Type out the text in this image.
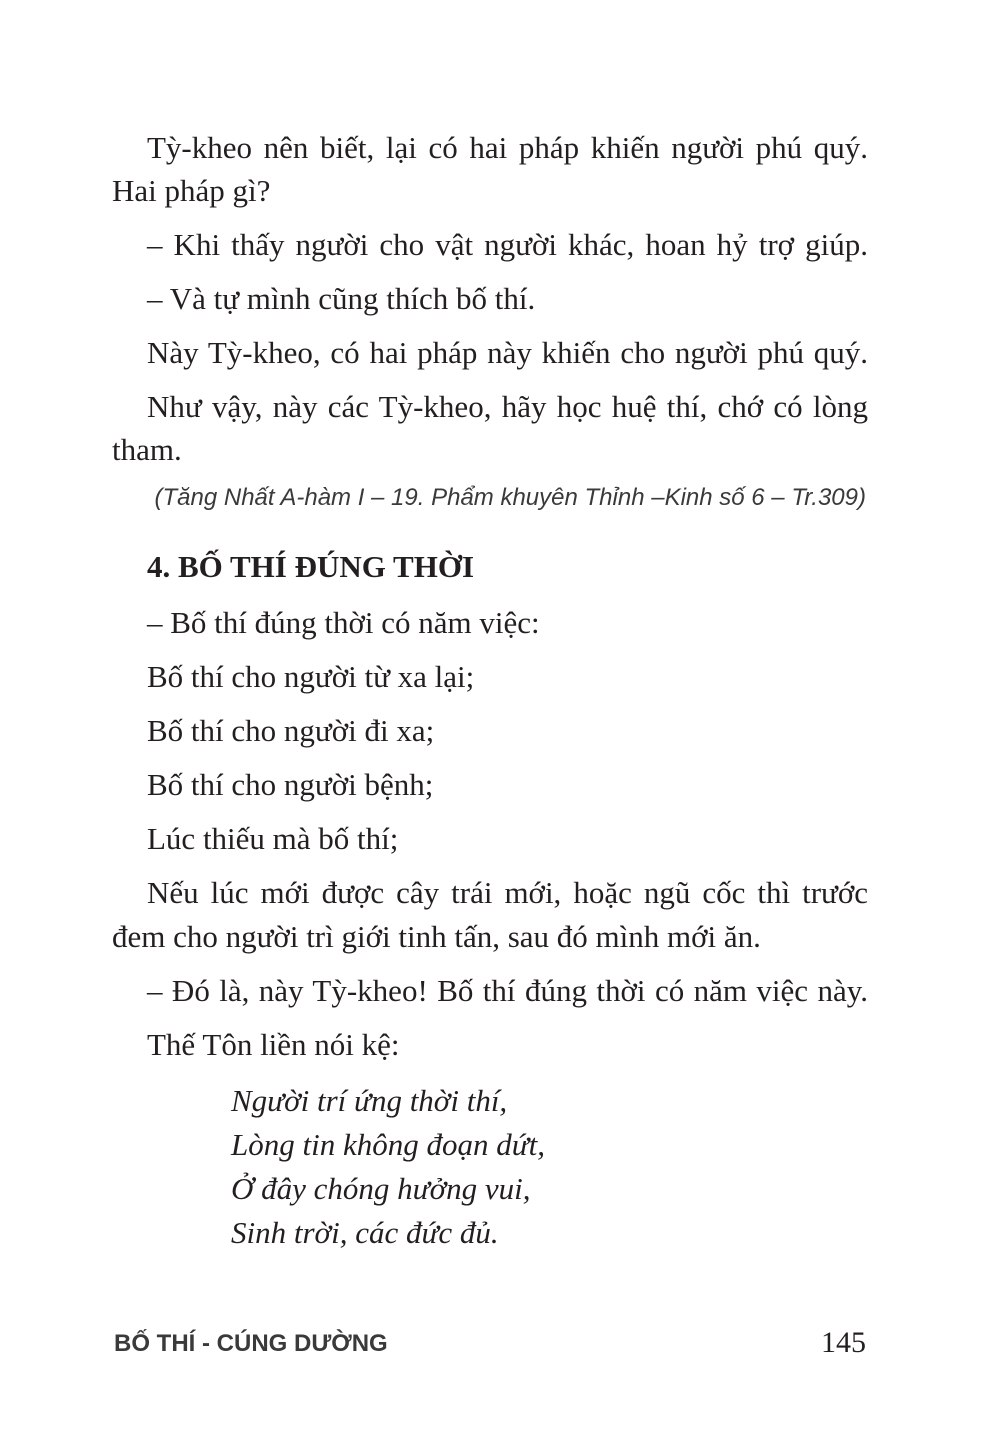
Tỳ-kheo nên biết, lại có hai pháp khiến người phú quý.
Hai pháp gì?
– Khi thấy người cho vật người khác, hoan hỷ trợ giúp.
– Và tự mình cũng thích bố thí.
Này Tỳ-kheo, có hai pháp này khiến cho người phú quý.
Như vậy, này các Tỳ-kheo, hãy học huệ thí, chớ có lòng
tham.
(Tăng Nhất A-hàm I – 19. Phẩm khuyên Thỉnh –Kinh số 6 – Tr.309)
4. BỐ THÍ ĐÚNG THỜI
– Bố thí đúng thời có năm việc:
Bố thí cho người từ xa lại;
Bố thí cho người đi xa;
Bố thí cho người bệnh;
Lúc thiếu mà bố thí;
Nếu lúc mới được cây trái mới, hoặc ngũ cốc thì trước
đem cho người trì giới tinh tấn, sau đó mình mới ăn.
– Đó là, này Tỳ-kheo! Bố thí đúng thời có năm việc này.
Thế Tôn liền nói kệ:
Người trí ứng thời thí,
Lòng tin không đoạn dứt,
Ở đây chóng hưởng vui,
Sinh trời, các đức đủ.
BỐ THÍ - CÚNG DƯỜNG	145
